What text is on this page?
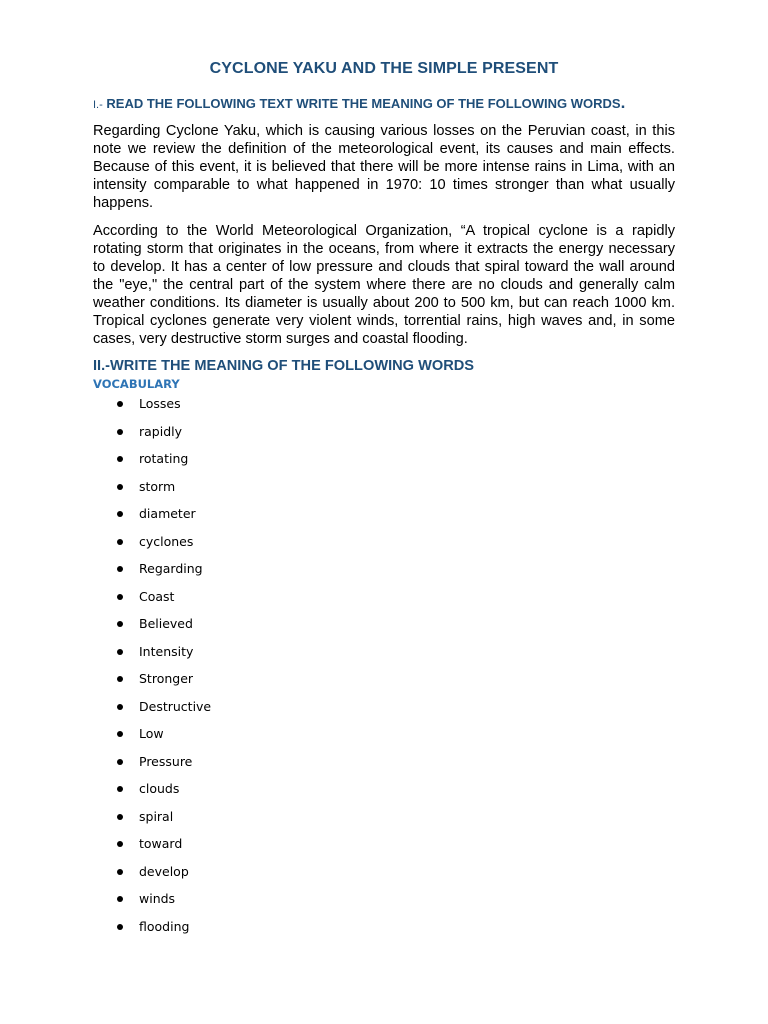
CYCLONE YAKU AND THE SIMPLE PRESENT

I.- READ THE FOLLOWING TEXT WRITE THE MEANING OF THE FOLLOWING WORDS.

Regarding Cyclone Yaku, which is causing various losses on the Peruvian coast, in this note we review the definition of the meteorological event, its causes and main effects. Because of this event, it is believed that there will be more intense rains in Lima, with an intensity comparable to what happened in 1970: 10 times stronger than what usually happens.

According to the World Meteorological Organization, “A tropical cyclone is a rapidly rotating storm that originates in the oceans, from where it extracts the energy necessary to develop. It has a center of low pressure and clouds that spiral toward the wall around the "eye," the central part of the system where there are no clouds and generally calm weather conditions. Its diameter is usually about 200 to 500 km, but can reach 1000 km. Tropical cyclones generate very violent winds, torrential rains, high waves and, in some cases, very destructive storm surges and coastal flooding.

II.-WRITE THE MEANING OF THE FOLLOWING WORDS
VOCABULARY
Losses
rapidly
rotating
storm
diameter
cyclones
Regarding
Coast
Believed
Intensity
Stronger
Destructive
Low
Pressure
clouds
spiral
toward
develop
winds
flooding
